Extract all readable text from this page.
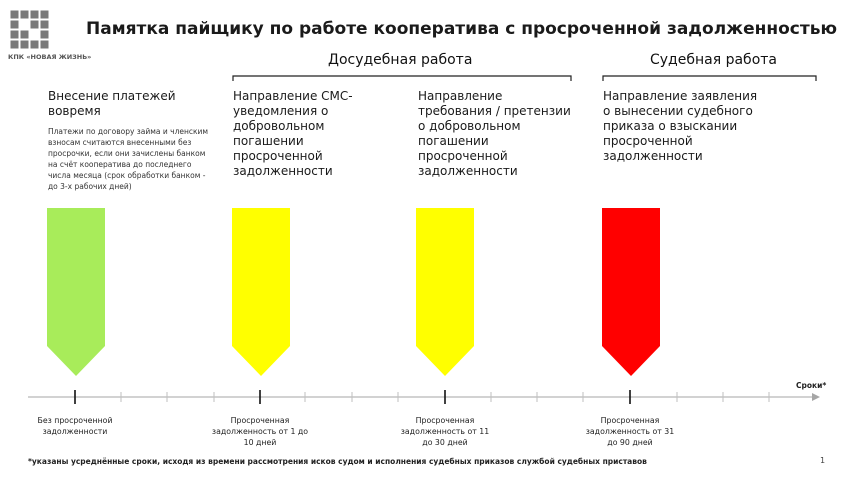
КПК «НОВАЯ ЖИЗНЬ»
Памятка пайщику по работе кооператива с просроченной задолженностью
Досудебная работа	Судебная работа
Внесение платежей вовремя
Платежи по договору займа и членским взносам считаются внесенными без просрочки, если они зачислены банком на счёт кооператива до последнего числа месяца (срок обработки банком - до 3-х рабочих дней)
Направление СМС-уведомления о добровольном погашении просроченной задолженности
Направление требования / претензии о добровольном погашении просроченной задолженности
Направление заявления о вынесении судебного приказа о взыскании просроченной задолженности
Сроки*
Без просроченной задолженности
Просроченная задолженность от 1 до 10 дней
Просроченная задолженность от 11 до 30 дней
Просроченная задолженность от 31 до 90 дней
*указаны усреднённые сроки, исходя из времени рассмотрения исков судом и исполнения судебных приказов службой судебных приставов	1
